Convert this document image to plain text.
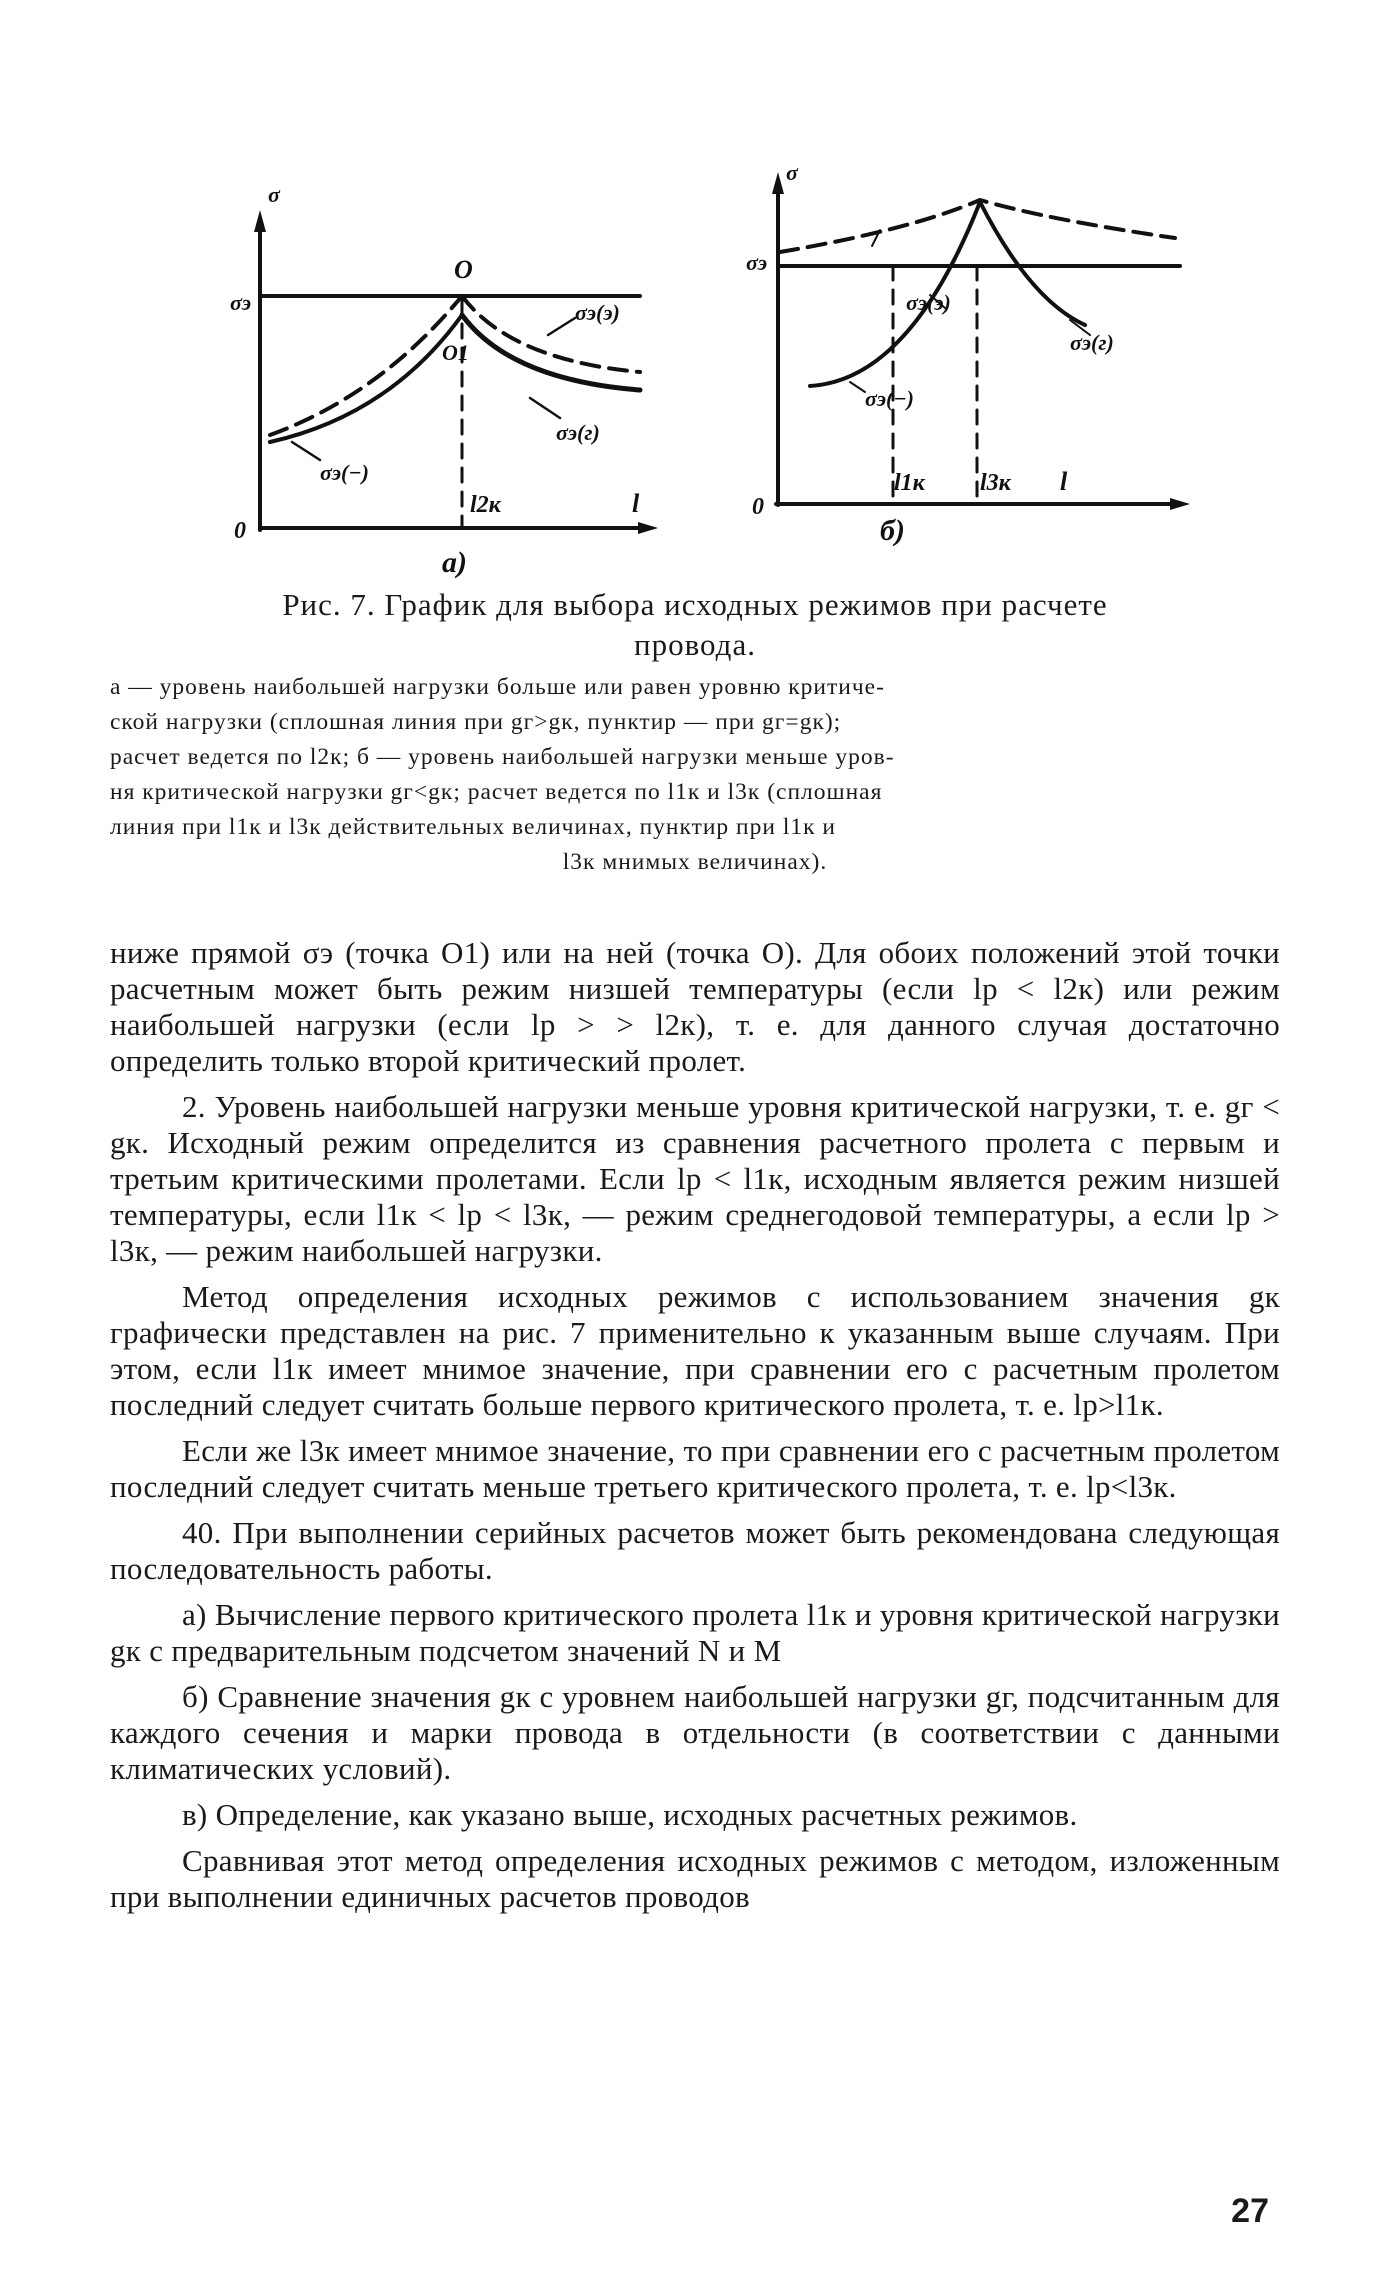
σ
σэ
0
O
O1
σэ(э)
σэ(−)
σэ(г)
l2к	l
а)
σ
σэ
0
σэ(э)
σэ(г)
σэ(−)
l1к l3к l
б)
Рис. 7. График для выбора исходных режимов при расчете
провода.

а — уровень наибольшей нагрузки больше или равен уровню критиче-

ской нагрузки (сплошная линия при gг>gк, пунктир — при gг=gк);

расчет ведется по l2к; б — уровень наибольшей нагрузки меньше уров-

ня критической нагрузки gг<gк; расчет ведется по l1к и l3к (сплошная

линия при l1к и l3к действительных величинах, пунктир при l1к и

l3к мнимых величинах).

ниже прямой σэ (точка O1) или на ней (точка O). Для обоих положений этой точки расчетным может быть режим низшей температуры (если lр < l2к) или режим наибольшей нагрузки (если lр > > l2к), т. е. для данного случая достаточно определить только второй критический пролет.

2. Уровень наибольшей нагрузки меньше уровня критической нагрузки, т. е. gг < gк. Исходный режим определится из сравнения расчетного пролета с первым и третьим критическими пролетами. Если lр < l1к, исходным является режим низшей температуры, если l1к < lр < l3к, — режим среднегодовой температуры, а если lр > l3к, — режим наибольшей нагрузки.

Метод определения исходных режимов с использованием значения gк графически представлен на рис. 7 применительно к указанным выше случаям. При этом, если l1к имеет мнимое значение, при сравнении его с расчетным пролетом последний следует считать больше первого критического пролета, т. е. lр>l1к.

Если же l3к имеет мнимое значение, то при сравнении его с расчетным пролетом последний следует считать меньше третьего критического пролета, т. е. lр<l3к.

40. При выполнении серийных расчетов может быть рекомендована следующая последовательность работы.

а) Вычисление первого критического пролета l1к и уровня критической нагрузки gк с предварительным подсчетом значений N и M

б) Сравнение значения gк с уровнем наибольшей нагрузки gг, подсчитанным для каждого сечения и марки провода в отдельности (в соответствии с данными климатических условий).

в) Определение, как указано выше, исходных расчетных режимов.

Сравнивая этот метод определения исходных режимов с методом, изложенным при выполнении единичных расчетов проводов

27
